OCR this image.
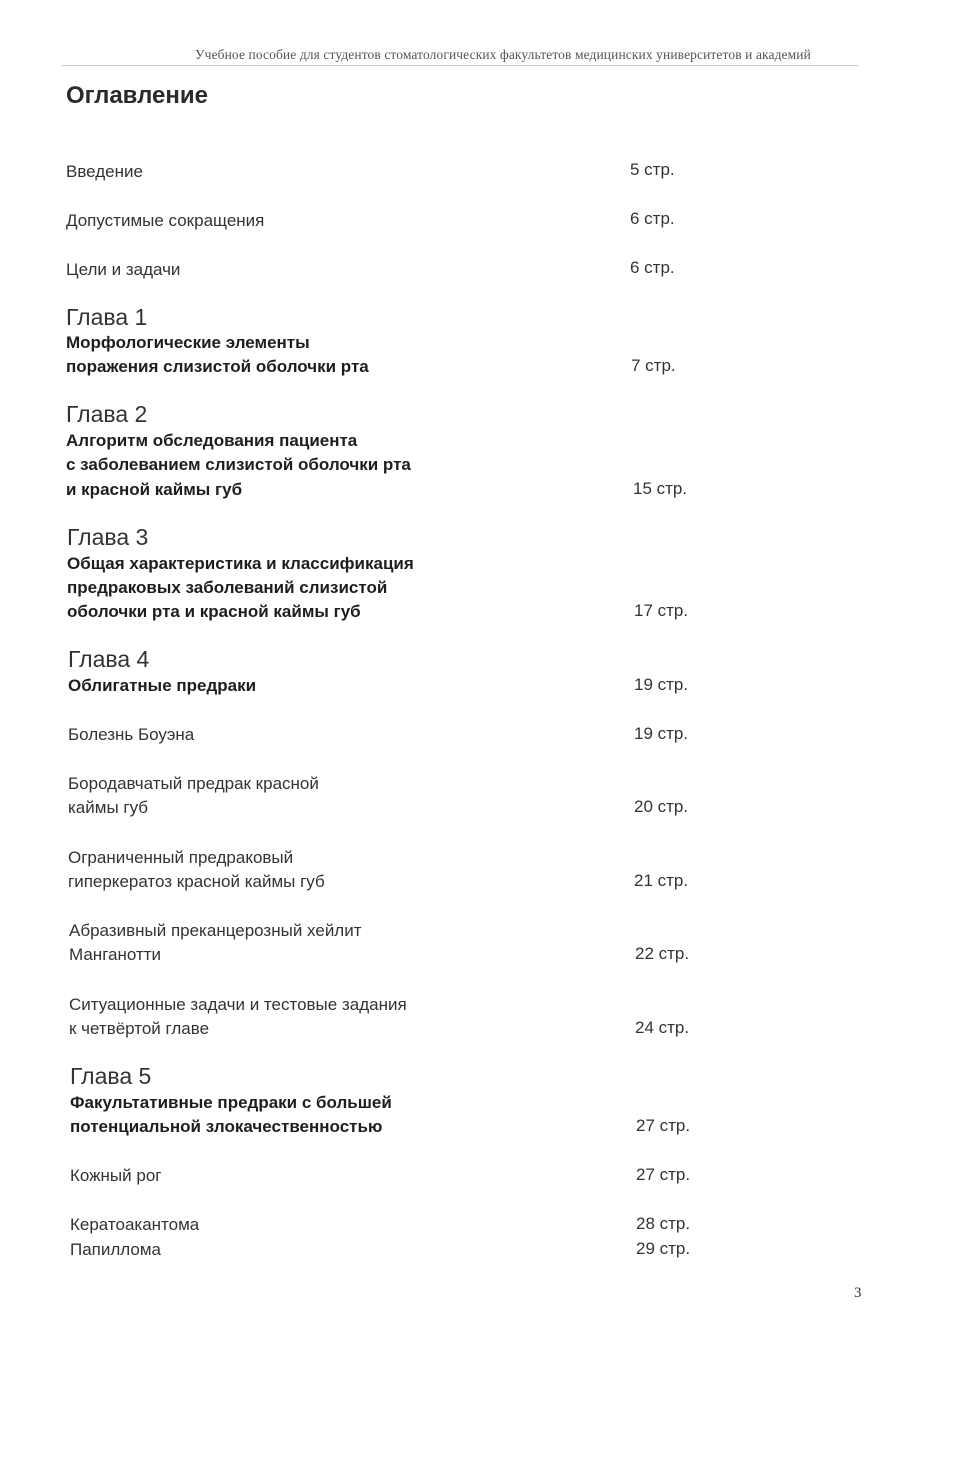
Учебное пособие для студентов стоматологических факультетов медицинских университетов и академий
Оглавление
Введение	5 стр.
Допустимые сокращения	6 стр.
Цели и задачи	6 стр.
Глава 1
Морфологические элементы
поражения слизистой оболочки рта	7 стр.
Глава 2
Алгоритм обследования пациента
с заболеванием слизистой оболочки рта
и красной каймы губ	15 стр.
Глава 3
Общая характеристика и классификация
предраковых заболеваний слизистой
оболочки рта и красной каймы губ	17 стр.
Глава 4
Облигатные предраки	19 стр.
Болезнь Боуэна	19 стр.
Бородавчатый предрак красной
каймы губ	20 стр.
Ограниченный предраковый
гиперкератоз красной каймы губ	21 стр.
Абразивный преканцерозный хейлит
Манганотти	22 стр.
Ситуационные задачи и тестовые задания
к четвёртой главе	24 стр.
Глава 5
Факультативные предраки с большей
потенциальной злокачественностью	27 стр.
Кожный рог	27 стр.
Кератоакантома	28 стр.
Папиллома	29 стр.
3
